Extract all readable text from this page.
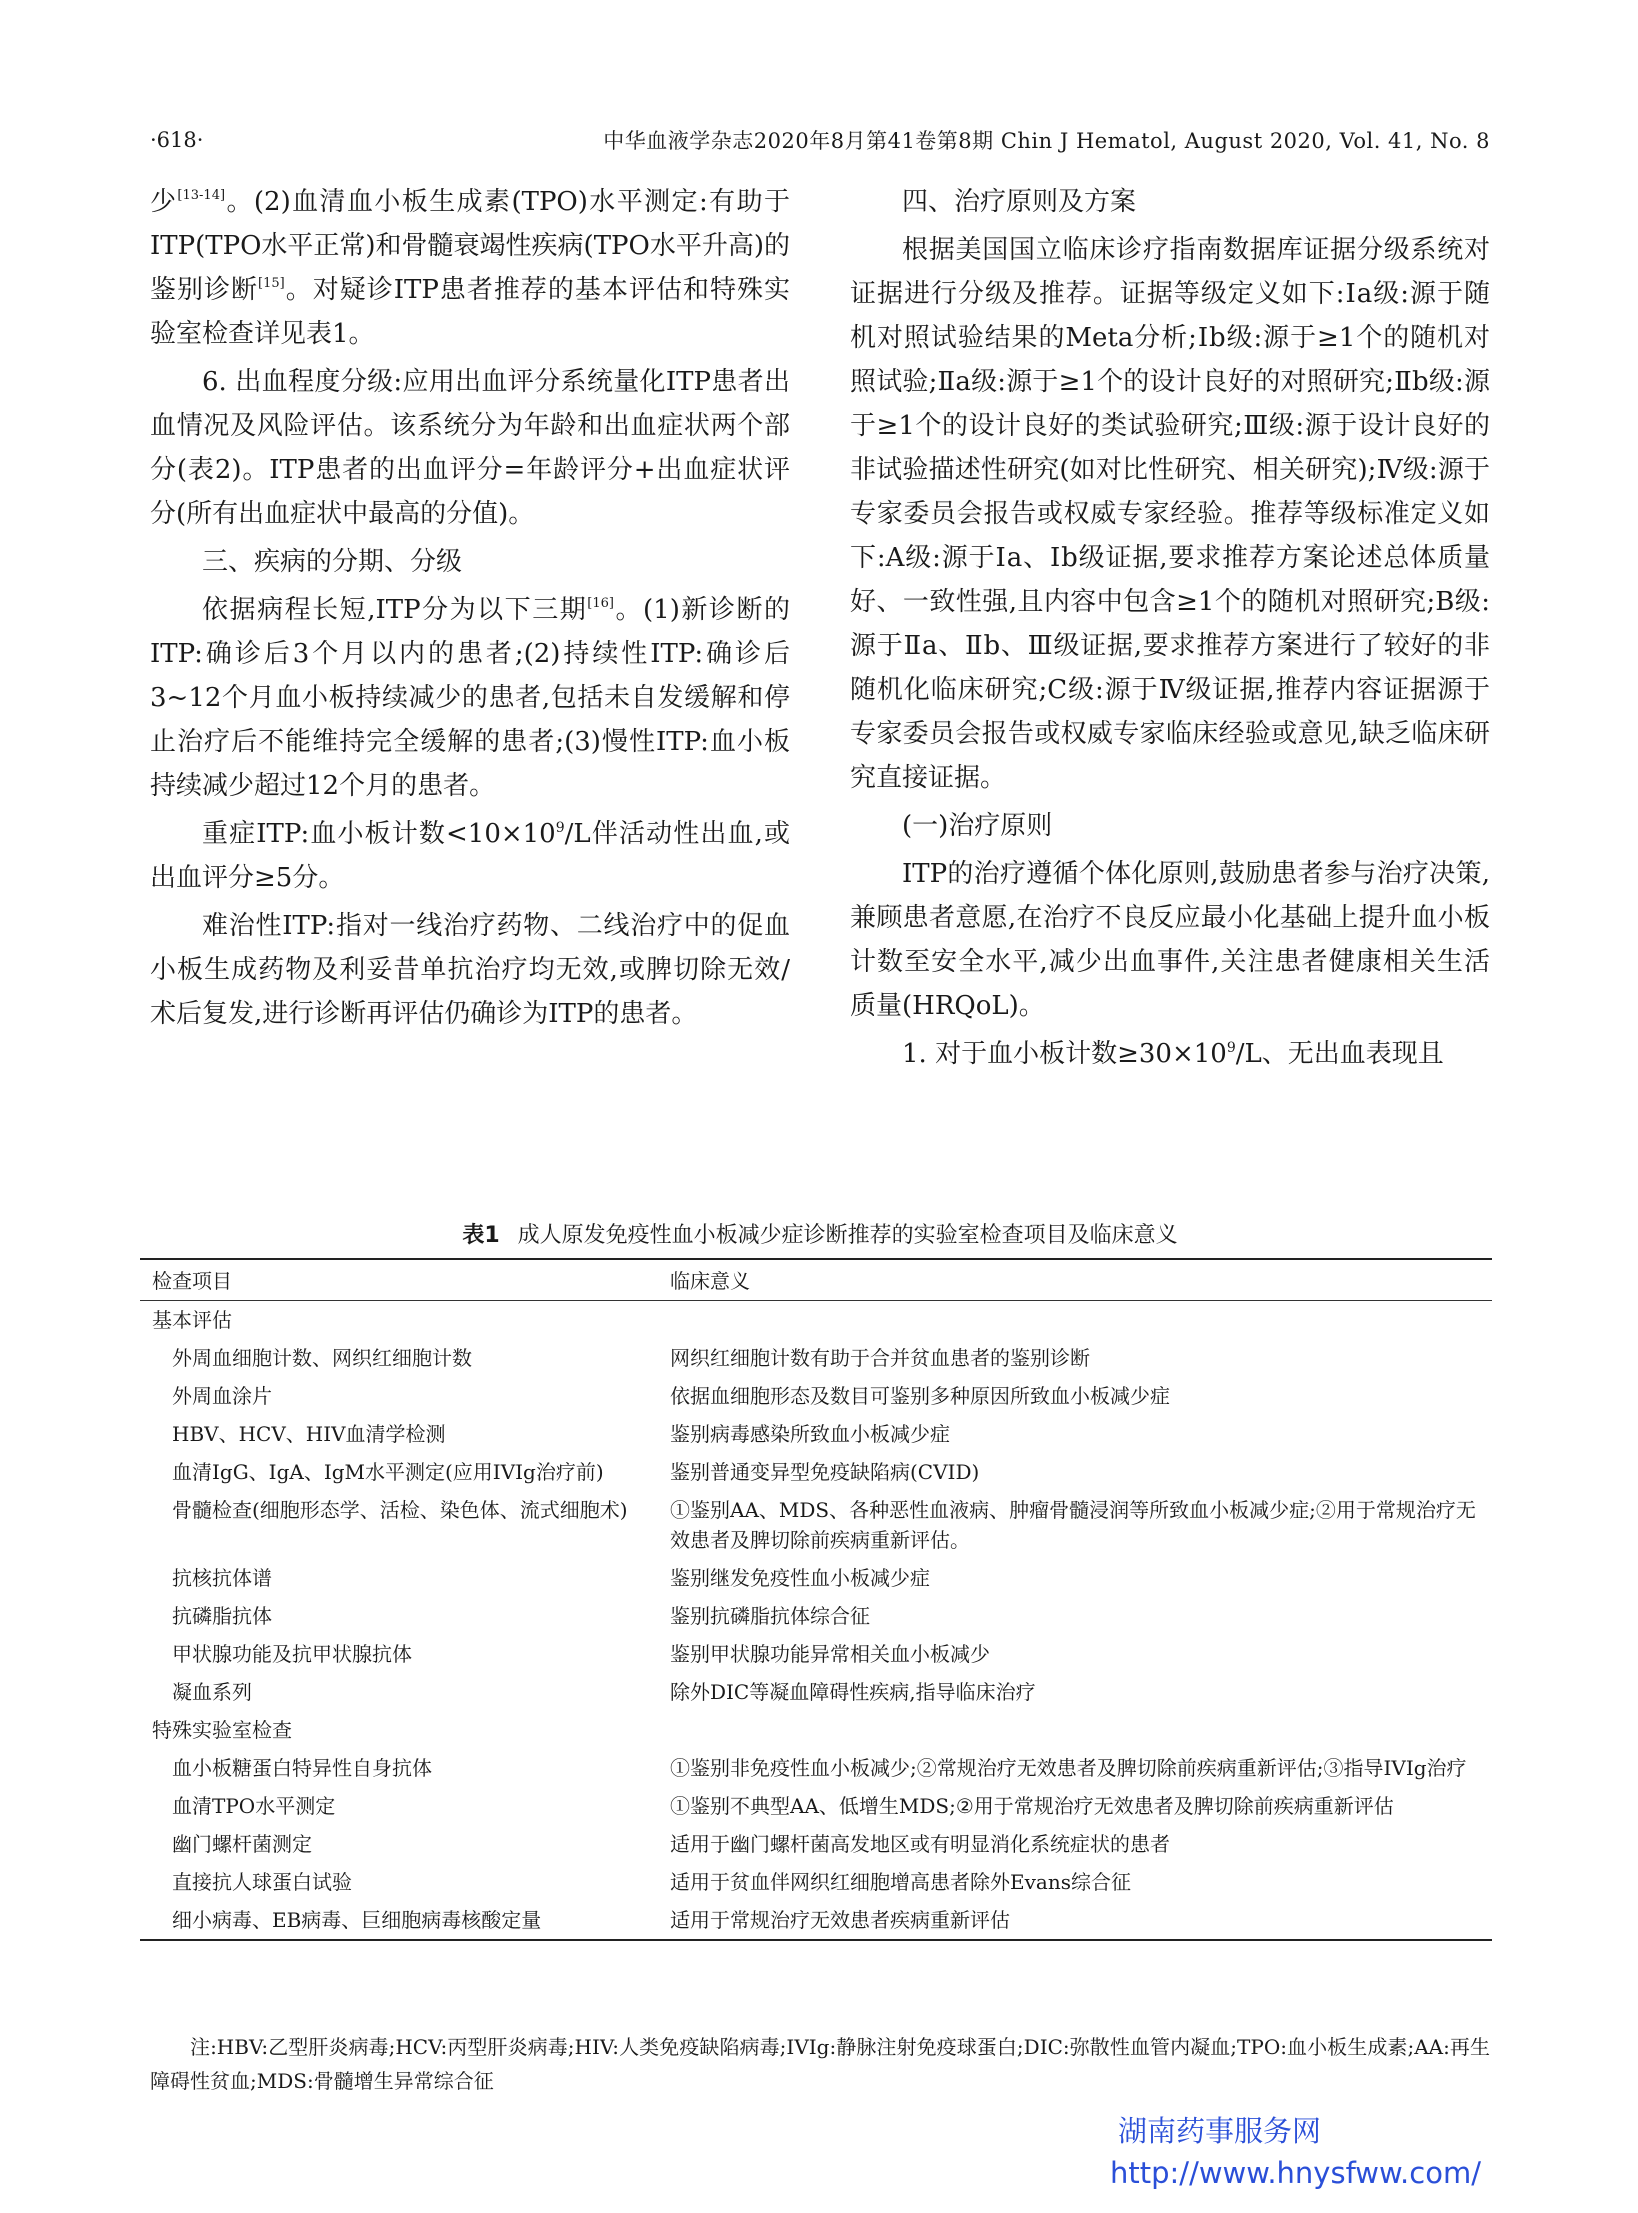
·618·	中华血液学杂志2020年8月第41卷第8期 Chin J Hematol, August 2020, Vol. 41, No. 8

少[13-14]。(2)血清血小板生成素(TPO)水平测定:有助于ITP(TPO水平正常)和骨髓衰竭性疾病(TPO水平升高)的鉴别诊断[15]。对疑诊ITP患者推荐的基本评估和特殊实验室检查详见表1。

6. 出血程度分级:应用出血评分系统量化ITP患者出血情况及风险评估。该系统分为年龄和出血症状两个部分(表2)。ITP患者的出血评分=年龄评分+出血症状评分(所有出血症状中最高的分值)。

三、疾病的分期、分级

依据病程长短,ITP分为以下三期[16]。(1)新诊断的ITP:确诊后3个月以内的患者;(2)持续性ITP:确诊后3~12个月血小板持续减少的患者,包括未自发缓解和停止治疗后不能维持完全缓解的患者;(3)慢性ITP:血小板持续减少超过12个月的患者。

重症ITP:血小板计数$<10\times 10^9/L$伴活动性出血,或出血评分≥5分。

难治性ITP:指对一线治疗药物、二线治疗中的促血小板生成药物及利妥昔单抗治疗均无效,或脾切除无效/术后复发,进行诊断再评估仍确诊为ITP的患者。

四、治疗原则及方案

根据美国国立临床诊疗指南数据库证据分级系统对证据进行分级及推荐。证据等级定义如下:Ⅰa级:源于随机对照试验结果的Meta分析;Ⅰb级:源于≥1个的随机对照试验;Ⅱa级:源于≥1个的设计良好的对照研究;Ⅱb级:源于≥1个的设计良好的类试验研究;Ⅲ级:源于设计良好的非试验描述性研究(如对比性研究、相关研究);Ⅳ级:源于专家委员会报告或权威专家经验。推荐等级标准定义如下:A级:源于Ⅰa、Ⅰb级证据,要求推荐方案论述总体质量好、一致性强,且内容中包含≥1个的随机对照研究;B级:源于Ⅱa、Ⅱb、Ⅲ级证据,要求推荐方案进行了较好的非随机化临床研究;C级:源于Ⅳ级证据,推荐内容证据源于专家委员会报告或权威专家临床经验或意见,缺乏临床研究直接证据。

(一)治疗原则

ITP的治疗遵循个体化原则,鼓励患者参与治疗决策,兼顾患者意愿,在治疗不良反应最小化基础上提升血小板计数至安全水平,减少出血事件,关注患者健康相关生活质量(HRQoL)。

1. 对于血小板计数$\ge 30\times 10^9/L$、无出血表现且

表1 成人原发免疫性血小板减少症诊断推荐的实验室检查项目及临床意义
检查项目	临床意义
基本评估
外周血细胞计数、网织红细胞计数	网织红细胞计数有助于合并贫血患者的鉴别诊断
外周血涂片	依据血细胞形态及数目可鉴别多种原因所致血小板减少症
HBV、HCV、HIV血清学检测	鉴别病毒感染所致血小板减少症
血清IgG、IgA、IgM水平测定(应用IVIg治疗前)	鉴别普通变异型免疫缺陷病(CVID)
骨髓检查(细胞形态学、活检、染色体、流式细胞术)	①鉴别AA、MDS、各种恶性血液病、肿瘤骨髓浸润等所致血小板减少症;②用于常规治疗无效患者及脾切除前疾病重新评估。
抗核抗体谱	鉴别继发免疫性血小板减少症
抗磷脂抗体	鉴别抗磷脂抗体综合征
甲状腺功能及抗甲状腺抗体	鉴别甲状腺功能异常相关血小板减少
凝血系列	除外DIC等凝血障碍性疾病,指导临床治疗
特殊实验室检查
血小板糖蛋白特异性自身抗体	①鉴别非免疫性血小板减少;②常规治疗无效患者及脾切除前疾病重新评估;③指导IVIg治疗
血清TPO水平测定	①鉴别不典型AA、低增生MDS;②用于常规治疗无效患者及脾切除前疾病重新评估
幽门螺杆菌测定	适用于幽门螺杆菌高发地区或有明显消化系统症状的患者
直接抗人球蛋白试验	适用于贫血伴网织红细胞增高患者除外Evans综合征
细小病毒、EB病毒、巨细胞病毒核酸定量	适用于常规治疗无效患者疾病重新评估
注:HBV:乙型肝炎病毒;HCV:丙型肝炎病毒;HIV:人类免疫缺陷病毒;IVIg:静脉注射免疫球蛋白;DIC:弥散性血管内凝血;TPO:血小板生成素;AA:再生障碍性贫血;MDS:骨髓增生异常综合征
湖南药事服务网
http://www.hnysfww.com/
